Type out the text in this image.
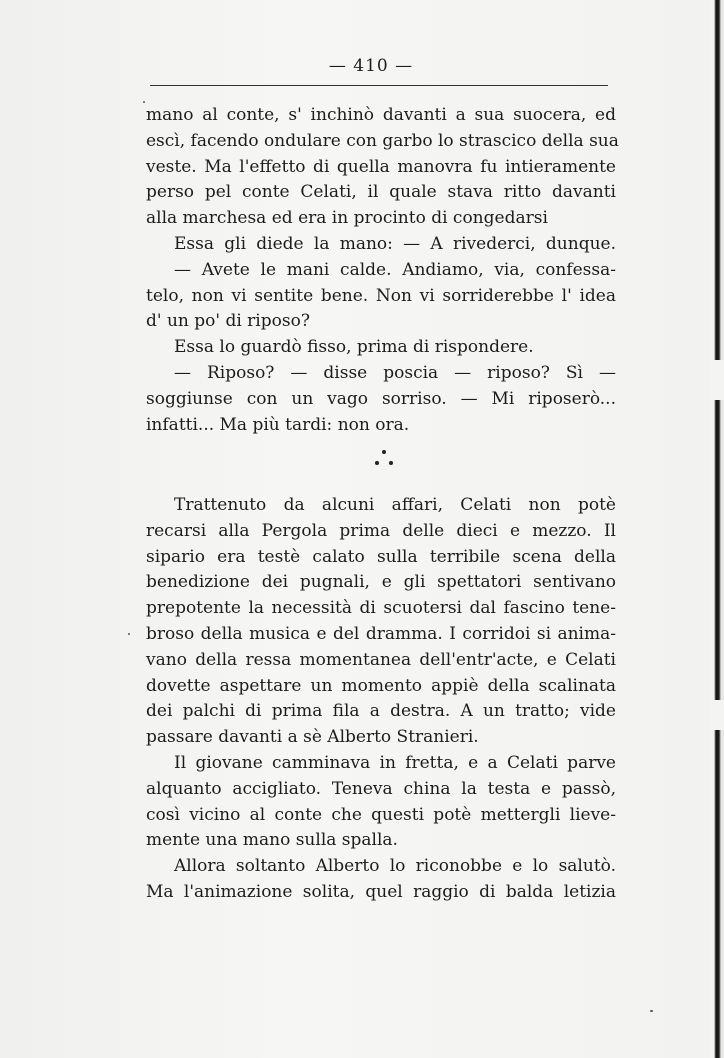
— 410 —
mano al conte, s' inchinò davanti a sua suocera, ed
escì, facendo ondulare con garbo lo strascico della sua
veste. Ma l'effetto di quella manovra fu intieramente
perso pel conte Celati, il quale stava ritto davanti
alla marchesa ed era in procinto di congedarsi
Essa gli diede la mano: — A rivederci, dunque.
— Avete le mani calde. Andiamo, via, confessa-
telo, non vi sentite bene. Non vi sorriderebbe l' idea
d' un po' di riposo?
Essa lo guardò fisso, prima di rispondere.
— Riposo? — disse poscia — riposo? Sì —
soggiunse con un vago sorriso. — Mi riposerò...
infatti... Ma più tardi: non ora.
Trattenuto da alcuni affari, Celati non potè
recarsi alla Pergola prima delle dieci e mezzo. Il
sipario era testè calato sulla terribile scena della
benedizione dei pugnali, e gli spettatori sentivano
prepotente la necessità di scuotersi dal fascino tene-
broso della musica e del dramma. I corridoi si anima-
vano della ressa momentanea dell'entr'acte, e Celati
dovette aspettare un momento appiè della scalinata
dei palchi di prima fila a destra. A un tratto; vide
passare davanti a sè Alberto Stranieri.
Il giovane camminava in fretta, e a Celati parve
alquanto accigliato. Teneva china la testa e passò,
così vicino al conte che questi potè mettergli lieve-
mente una mano sulla spalla.
Allora soltanto Alberto lo riconobbe e lo salutò.
Ma l'animazione solita, quel raggio di balda letizia
